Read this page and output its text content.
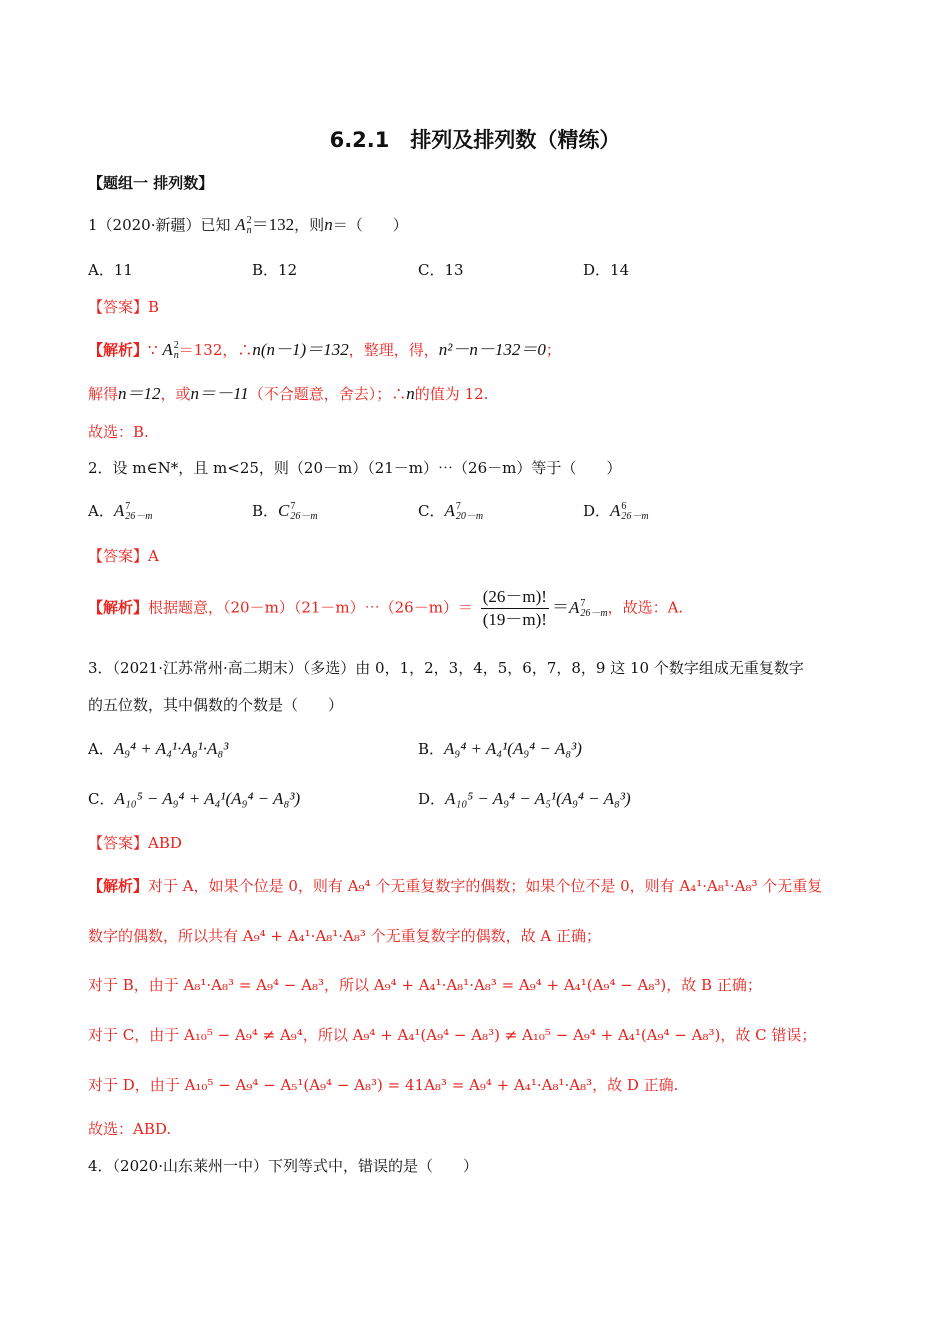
6.2.1　排列及排列数（精练）
【题组一 排列数】
1（2020·新疆）已知 A 2
n ＝132，则n＝（　　）
A．11	B．12	C．13	D．14
【答案】B
【解析】∵ A 2
n ＝132，∴n(n－1)＝132，整理，得，n²－n－132＝0；
解得n＝12，或n＝－11（不合题意，舍去）；∴n的值为 12.
故选：B.
2．设 m∈N*，且 m<25，则（20－m）（21－m）⋯（26－m）等于（　　）
A．A 7
26－m	B．C 7
26－m	C．A 7
20－m	D．A 6
26－m
【答案】A
【解析】根据题意，（20－m）（21－m）⋯（26－m）＝ $\frac{(26-m)!}{(19-m)!} =A$ 7
26－m ，故选：A.
3．（2021·江苏常州·高二期末）（多选）由 0，1，2，3，4，5，6，7，8，9 这 10 个数字组成无重复数字
的五位数，其中偶数的个数是（　　）
A．A₉⁴ + A₄¹·A₈¹·A₈³	B．A₉⁴ + A₄¹(A₉⁴ − A₈³)
C．A₁₀⁵ − A₉⁴ + A₄¹(A₉⁴ − A₈³)	D．A₁₀⁵ − A₉⁴ − A₅¹(A₉⁴ − A₈³)
【答案】ABD
【解析】对于 A，如果个位是 0，则有 A₉⁴ 个无重复数字的偶数；如果个位不是 0，则有 A₄¹·A₈¹·A₈³ 个无重复
数字的偶数，所以共有 A₉⁴ + A₄¹·A₈¹·A₈³ 个无重复数字的偶数，故 A 正确；
对于 B，由于 A₈¹·A₈³ = A₉⁴ − A₈³，所以 A₉⁴ + A₄¹·A₈¹·A₈³ = A₉⁴ + A₄¹(A₉⁴ − A₈³)，故 B 正确；
对于 C，由于 A₁₀⁵ − A₉⁴ ≠ A₉⁴，所以 A₉⁴ + A₄¹(A₉⁴ − A₈³) ≠ A₁₀⁵ − A₉⁴ + A₄¹(A₉⁴ − A₈³)，故 C 错误；
对于 D，由于 A₁₀⁵ − A₉⁴ − A₅¹(A₉⁴ − A₈³) = 41A₈³ = A₉⁴ + A₄¹·A₈¹·A₈³，故 D 正确.
故选：ABD.
4．（2020·山东莱州一中）下列等式中，错误的是（　　）
